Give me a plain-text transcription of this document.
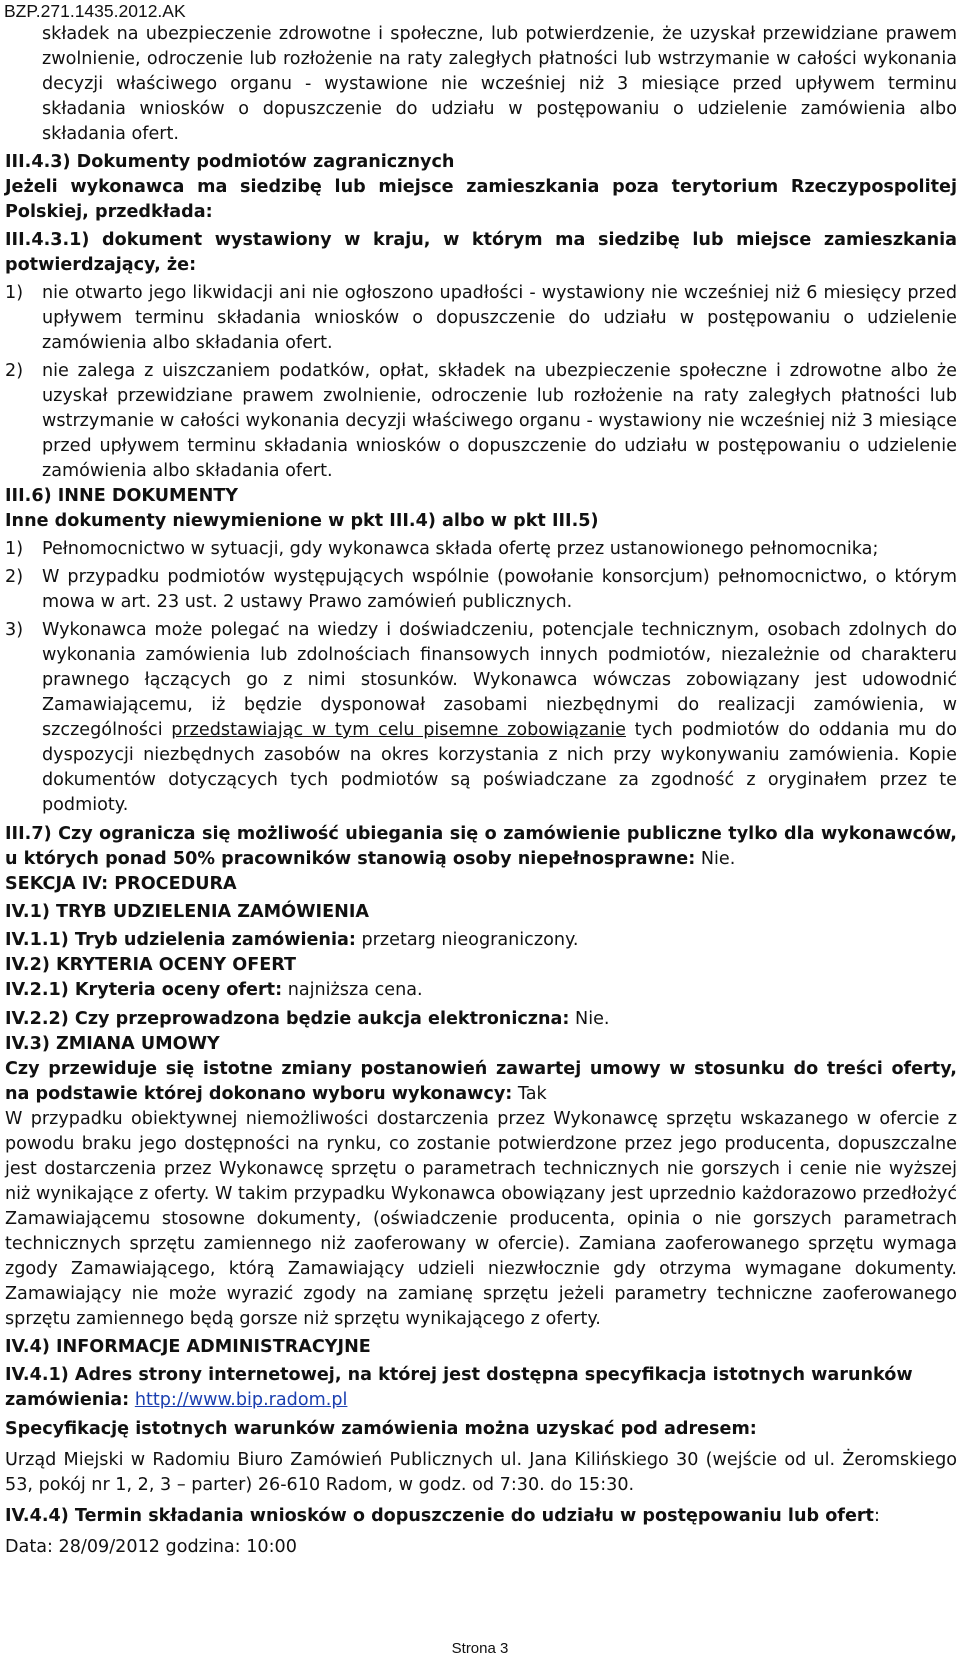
BZP.271.1435.2012.AK

składek na ubezpieczenie zdrowotne i społeczne, lub potwierdzenie, że uzyskał przewidziane prawem zwolnienie, odroczenie lub rozłożenie na raty zaległych płatności lub wstrzymanie w całości wykonania decyzji właściwego organu - wystawione nie wcześniej niż 3 miesiące przed upływem terminu składania wniosków o dopuszczenie do udziału w postępowaniu o udzielenie zamówienia albo składania ofert.

III.4.3) Dokumenty podmiotów zagranicznych

Jeżeli wykonawca ma siedzibę lub miejsce zamieszkania poza terytorium Rzeczypospolitej Polskiej, przedkłada:

III.4.3.1) dokument wystawiony w kraju, w którym ma siedzibę lub miejsce zamieszkania potwierdzający, że:

1)	nie otwarto jego likwidacji ani nie ogłoszono upadłości - wystawiony nie wcześniej niż 6 miesięcy przed upływem terminu składania wniosków o dopuszczenie do udziału w postępowaniu o udzielenie zamówienia albo składania ofert.
2)	nie zalega z uiszczaniem podatków, opłat, składek na ubezpieczenie społeczne i zdrowotne albo że uzyskał przewidziane prawem zwolnienie, odroczenie lub rozłożenie na raty zaległych płatności lub wstrzymanie w całości wykonania decyzji właściwego organu - wystawiony nie wcześniej niż 3 miesiące przed upływem terminu składania wniosków o dopuszczenie do udziału w postępowaniu o udzielenie zamówienia albo składania ofert.

III.6) INNE DOKUMENTY

Inne dokumenty niewymienione w pkt III.4) albo w pkt III.5)

1)	Pełnomocnictwo w sytuacji, gdy wykonawca składa ofertę przez ustanowionego pełnomocnika;
2)	W przypadku podmiotów występujących wspólnie (powołanie konsorcjum) pełnomocnictwo, o którym mowa w art. 23 ust. 2 ustawy Prawo zamówień publicznych.
3)	Wykonawca może polegać na wiedzy i doświadczeniu, potencjale technicznym, osobach zdolnych do wykonania zamówienia lub zdolnościach finansowych innych podmiotów, niezależnie od charakteru prawnego łączących go z nimi stosunków. Wykonawca wówczas zobowiązany jest udowodnić Zamawiającemu, iż będzie dysponował zasobami niezbędnymi do realizacji zamówienia, w szczególności przedstawiając w tym celu pisemne zobowiązanie tych podmiotów do oddania mu do dyspozycji niezbędnych zasobów na okres korzystania z nich przy wykonywaniu zamówienia. Kopie dokumentów dotyczących tych podmiotów są poświadczane za zgodność z oryginałem przez te podmioty.

III.7) Czy ogranicza się możliwość ubiegania się o zamówienie publiczne tylko dla wykonawców, u których ponad 50% pracowników stanowią osoby niepełnosprawne: Nie.

SEKCJA IV: PROCEDURA

IV.1) TRYB UDZIELENIA ZAMÓWIENIA

IV.1.1) Tryb udzielenia zamówienia: przetarg nieograniczony.

IV.2) KRYTERIA OCENY OFERT

IV.2.1) Kryteria oceny ofert: najniższa cena.

IV.2.2) Czy przeprowadzona będzie aukcja elektroniczna: Nie.

IV.3) ZMIANA UMOWY

Czy przewiduje się istotne zmiany postanowień zawartej umowy w stosunku do treści oferty, na podstawie której dokonano wyboru wykonawcy: Tak

W przypadku obiektywnej niemożliwości dostarczenia przez Wykonawcę sprzętu wskazanego w ofercie z powodu braku jego dostępności na rynku, co zostanie potwierdzone przez jego producenta, dopuszczalne jest dostarczenia przez Wykonawcę sprzętu o parametrach technicznych nie gorszych i cenie nie wyższej niż wynikające z oferty. W takim przypadku Wykonawca obowiązany jest uprzednio każdorazowo przedłożyć Zamawiającemu stosowne dokumenty, (oświadczenie producenta, opinia o nie gorszych parametrach technicznych sprzętu zamiennego niż zaoferowany w ofercie). Zamiana zaoferowanego sprzętu wymaga zgody Zamawiającego, którą Zamawiający udzieli niezwłocznie gdy otrzyma wymagane dokumenty. Zamawiający nie może wyrazić zgody na zamianę sprzętu jeżeli parametry techniczne zaoferowanego sprzętu zamiennego będą gorsze niż sprzętu wynikającego z oferty.

IV.4) INFORMACJE ADMINISTRACYJNE

IV.4.1) Adres strony internetowej, na której jest dostępna specyfikacja istotnych warunków zamówienia: http://www.bip.radom.pl

Specyfikację istotnych warunków zamówienia można uzyskać pod adresem:

Urząd Miejski w Radomiu Biuro Zamówień Publicznych ul. Jana Kilińskiego 30 (wejście od ul. Żeromskiego 53, pokój nr 1, 2, 3 – parter) 26-610 Radom, w godz. od 7:30. do 15:30.

IV.4.4) Termin składania wniosków o dopuszczenie do udziału w postępowaniu lub ofert:

Data: 28/09/2012 godzina: 10:00

Strona 3
